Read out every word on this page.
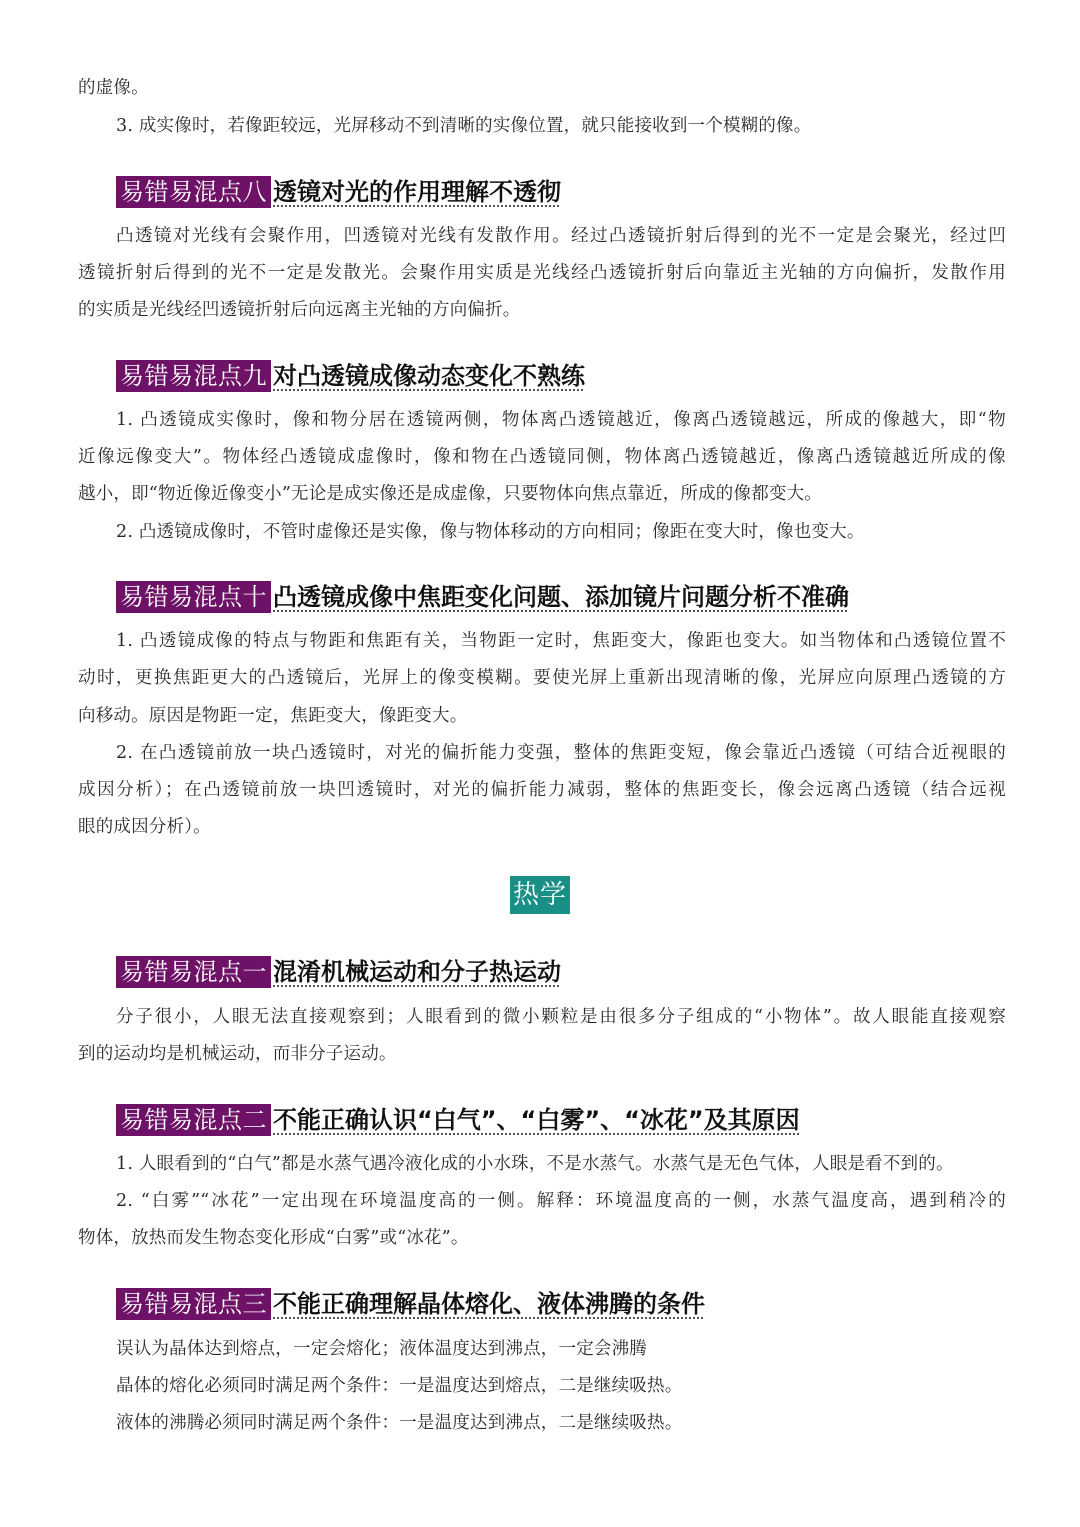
的虚像。
3. 成实像时，若像距较远，光屏移动不到清晰的实像位置，就只能接收到一个模糊的像。
易错易混点八 透镜对光的作用理解不透彻
凸透镜对光线有会聚作用，凹透镜对光线有发散作用。经过凸透镜折射后得到的光不一定是会聚光，经过凹
透镜折射后得到的光不一定是发散光。会聚作用实质是光线经凸透镜折射后向靠近主光轴的方向偏折，发散作用
的实质是光线经凹透镜折射后向远离主光轴的方向偏折。
易错易混点九 对凸透镜成像动态变化不熟练
1. 凸透镜成实像时，像和物分居在透镜两侧，物体离凸透镜越近，像离凸透镜越远，所成的像越大，即“物
近像远像变大”。物体经凸透镜成虚像时，像和物在凸透镜同侧，物体离凸透镜越近，像离凸透镜越近所成的像
越小，即“物近像近像变小”无论是成实像还是成虚像，只要物体向焦点靠近，所成的像都变大。
2. 凸透镜成像时，不管时虚像还是实像，像与物体移动的方向相同；像距在变大时，像也变大。
易错易混点十 凸透镜成像中焦距变化问题、添加镜片问题分析不准确
1. 凸透镜成像的特点与物距和焦距有关，当物距一定时，焦距变大，像距也变大。如当物体和凸透镜位置不
动时，更换焦距更大的凸透镜后，光屏上的像变模糊。要使光屏上重新出现清晰的像，光屏应向原理凸透镜的方
向移动。原因是物距一定，焦距变大，像距变大。
2. 在凸透镜前放一块凸透镜时，对光的偏折能力变强，整体的焦距变短，像会靠近凸透镜（可结合近视眼的
成因分析）；在凸透镜前放一块凹透镜时，对光的偏折能力减弱，整体的焦距变长，像会远离凸透镜（结合远视
眼的成因分析）。
热学
易错易混点一 混淆机械运动和分子热运动
分子很小，人眼无法直接观察到；人眼看到的微小颗粒是由很多分子组成的“小物体”。故人眼能直接观察
到的运动均是机械运动，而非分子运动。
易错易混点二 不能正确认识“白气”、“白雾”、“冰花”及其原因
1. 人眼看到的“白气”都是水蒸气遇冷液化成的小水珠，不是水蒸气。水蒸气是无色气体，人眼是看不到的。
2. “白雾”“冰花”一定出现在环境温度高的一侧。解释：环境温度高的一侧，水蒸气温度高，遇到稍冷的
物体，放热而发生物态变化形成“白雾”或“冰花”。
易错易混点三 不能正确理解晶体熔化、液体沸腾的条件
误认为晶体达到熔点，一定会熔化；液体温度达到沸点，一定会沸腾
晶体的熔化必须同时满足两个条件：一是温度达到熔点，二是继续吸热。
液体的沸腾必须同时满足两个条件：一是温度达到沸点，二是继续吸热。
